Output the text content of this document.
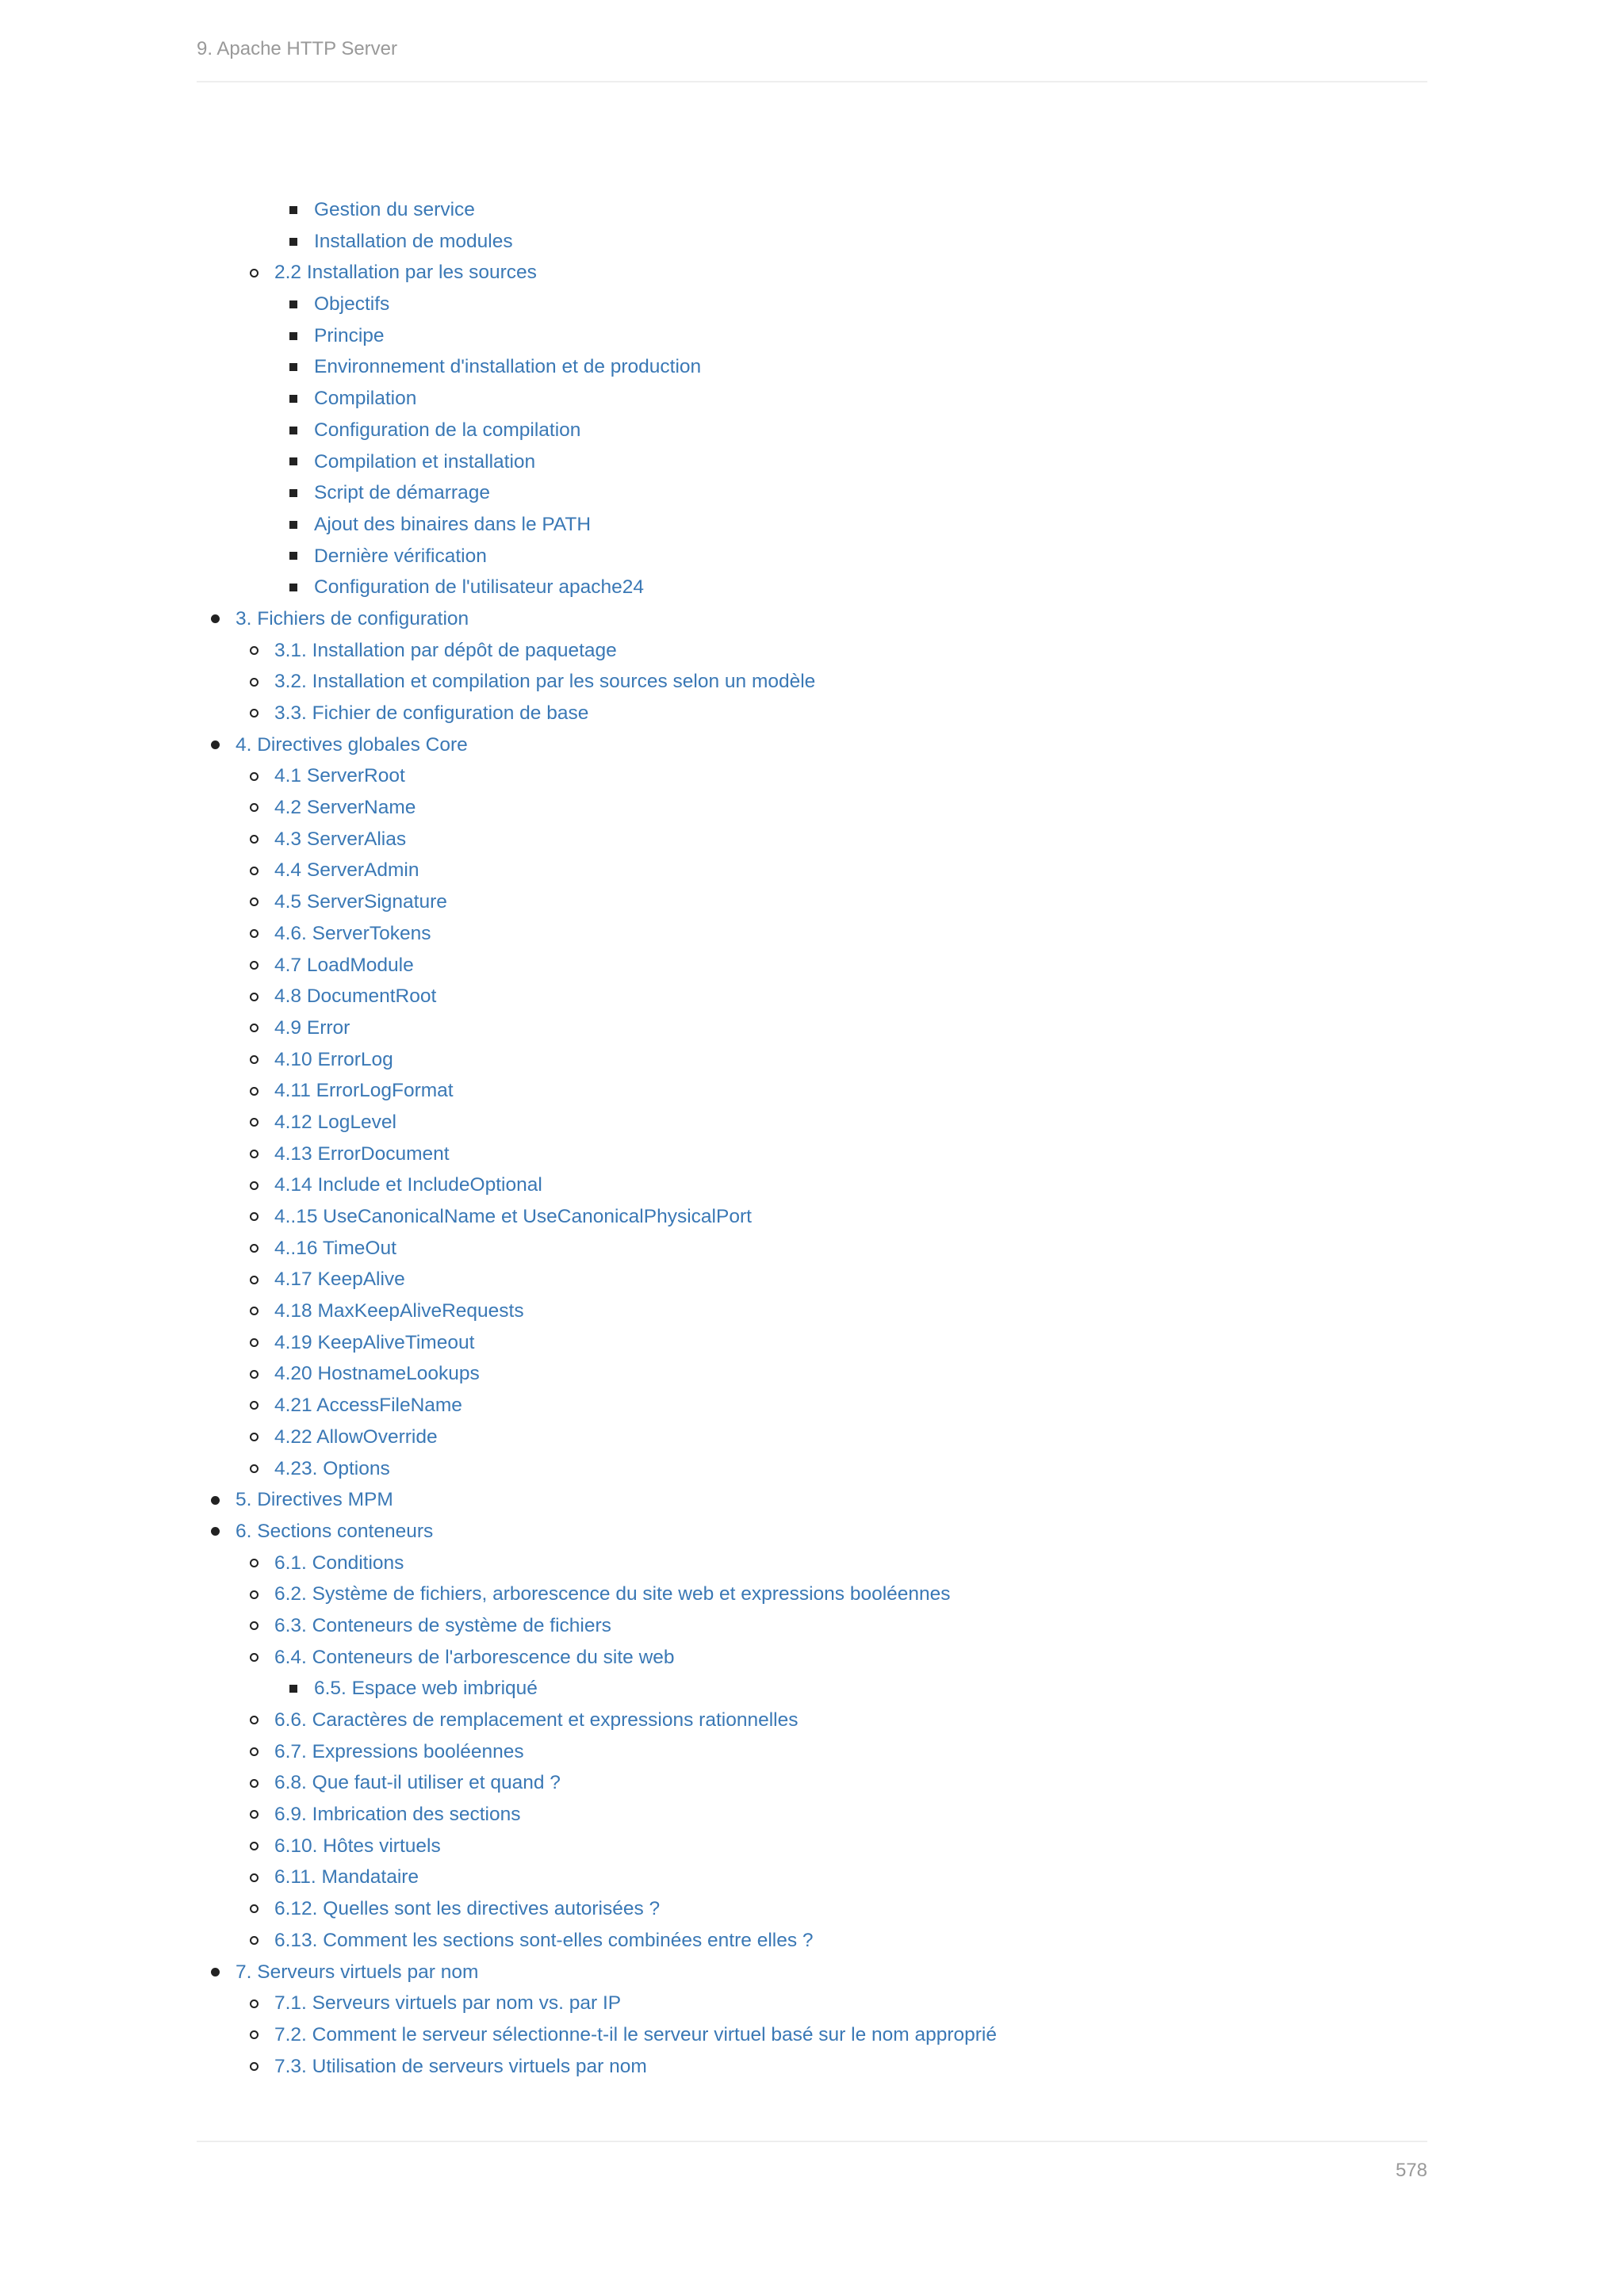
9. Apache HTTP Server
Gestion du service
Installation de modules
2.2 Installation par les sources
Objectifs
Principe
Environnement d'installation et de production
Compilation
Configuration de la compilation
Compilation et installation
Script de démarrage
Ajout des binaires dans le PATH
Dernière vérification
Configuration de l'utilisateur apache24
3. Fichiers de configuration
3.1. Installation par dépôt de paquetage
3.2. Installation et compilation par les sources selon un modèle
3.3. Fichier de configuration de base
4. Directives globales Core
4.1 ServerRoot
4.2 ServerName
4.3 ServerAlias
4.4 ServerAdmin
4.5 ServerSignature
4.6. ServerTokens
4.7 LoadModule
4.8 DocumentRoot
4.9 Error
4.10 ErrorLog
4.11 ErrorLogFormat
4.12 LogLevel
4.13 ErrorDocument
4.14 Include et IncludeOptional
4..15 UseCanonicalName et UseCanonicalPhysicalPort
4..16 TimeOut
4.17 KeepAlive
4.18 MaxKeepAliveRequests
4.19 KeepAliveTimeout
4.20 HostnameLookups
4.21 AccessFileName
4.22 AllowOverride
4.23. Options
5. Directives MPM
6. Sections conteneurs
6.1. Conditions
6.2. Système de fichiers, arborescence du site web et expressions booléennes
6.3. Conteneurs de système de fichiers
6.4. Conteneurs de l'arborescence du site web
6.5. Espace web imbriqué
6.6. Caractères de remplacement et expressions rationnelles
6.7. Expressions booléennes
6.8. Que faut-il utiliser et quand ?
6.9. Imbrication des sections
6.10. Hôtes virtuels
6.11. Mandataire
6.12. Quelles sont les directives autorisées ?
6.13. Comment les sections sont-elles combinées entre elles ?
7. Serveurs virtuels par nom
7.1. Serveurs virtuels par nom vs. par IP
7.2. Comment le serveur sélectionne-t-il le serveur virtuel basé sur le nom approprié
7.3. Utilisation de serveurs virtuels par nom
578
